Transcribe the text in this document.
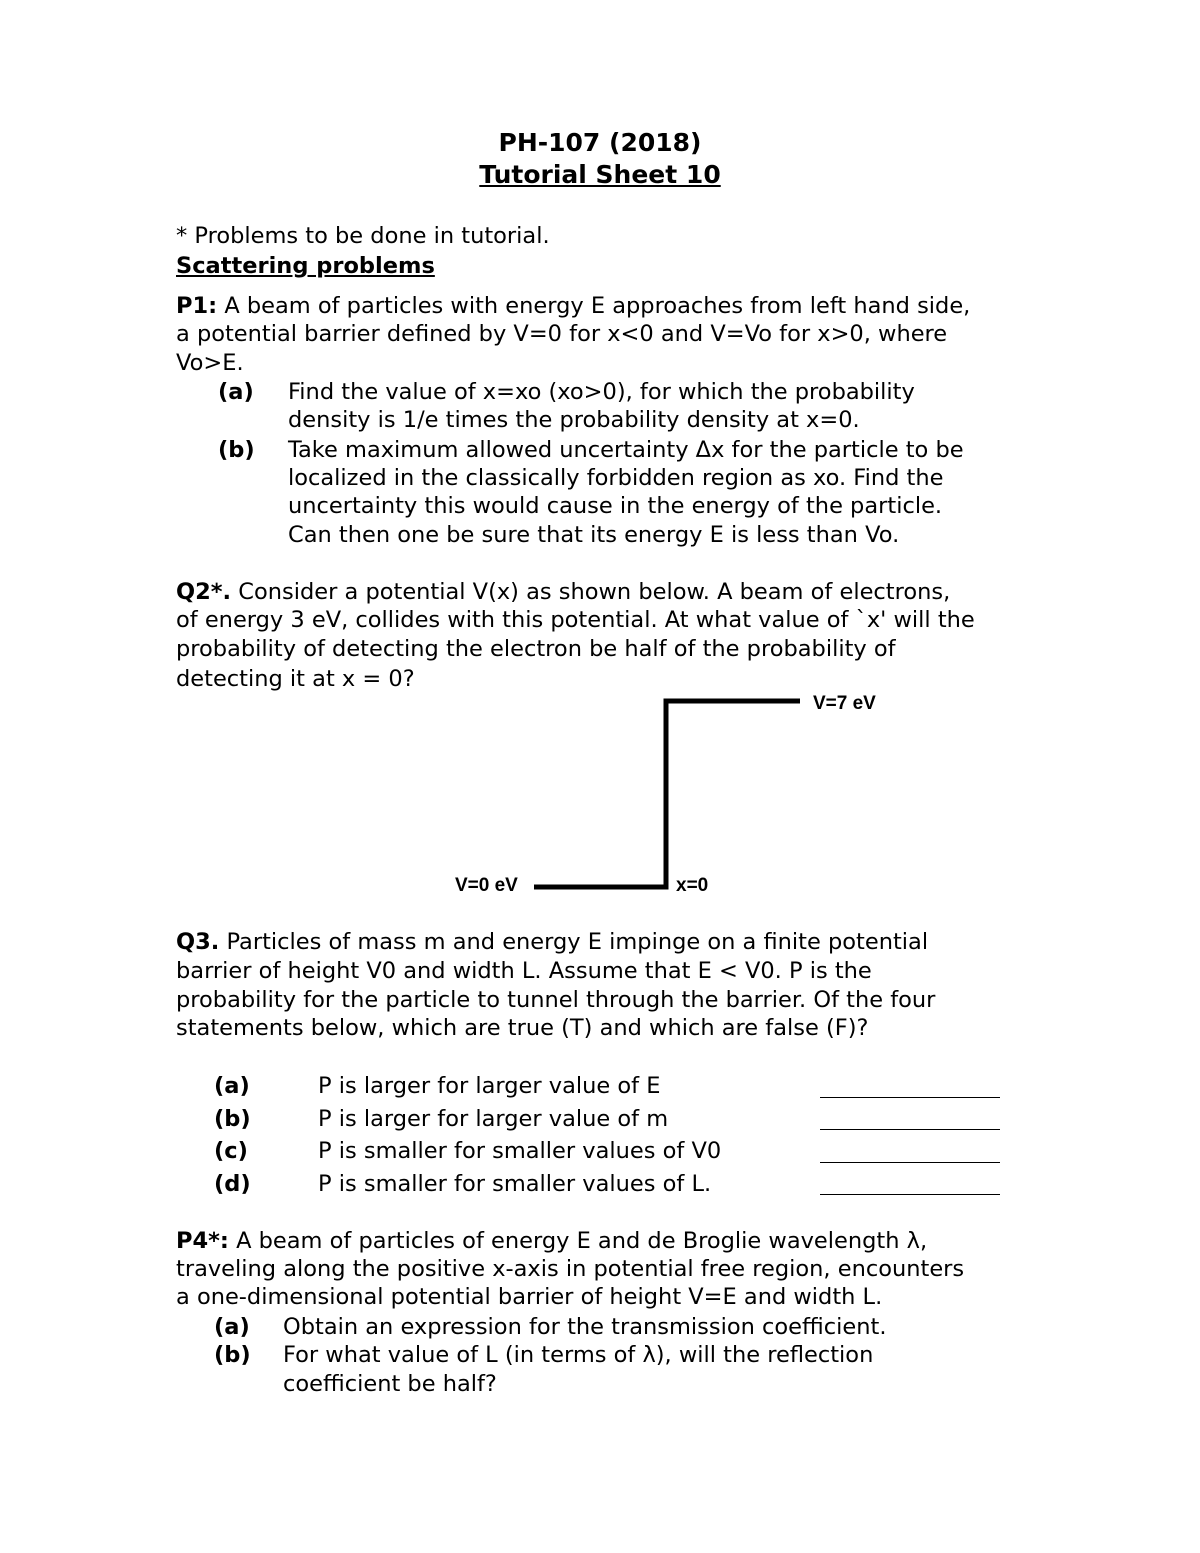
PH-107 (2018)
Tutorial Sheet 10
* Problems to be done in tutorial.
Scattering problems
P1: A beam of particles with energy E approaches from left hand side,
a potential barrier defined by V=0 for x<0 and V=Vo for x>0, where
Vo>E.
(a) Find the value of x=xo (xo>0), for which the probability
density is 1/e times the probability density at x=0.
(b) Take maximum allowed uncertainty Δx for the particle to be
localized in the classically forbidden region as xo. Find the
uncertainty this would cause in the energy of the particle.
Can then one be sure that its energy E is less than Vo.
Q2*. Consider a potential V(x) as shown below. A beam of electrons,
of energy 3 eV, collides with this potential. At what value of `x' will the
probability of detecting the electron be half of the probability of
detecting it at x = 0?
V=7 eV
V=0 eV	x=0
Q3. Particles of mass m and energy E impinge on a finite potential
barrier of height V0 and width L. Assume that E < V0. P is the
probability for the particle to tunnel through the barrier. Of the four
statements below, which are true (T) and which are false (F)?
(a)	P is larger for larger value of E
(b)	P is larger for larger value of m
(c)	P is smaller for smaller values of V0
(d)	P is smaller for smaller values of L.
P4*: A beam of particles of energy E and de Broglie wavelength λ,
traveling along the positive x-axis in potential free region, encounters
a one-dimensional potential barrier of height V=E and width L.
(a) Obtain an expression for the transmission coefficient.
(b) For what value of L (in terms of λ), will the reflection
coefficient be half?
